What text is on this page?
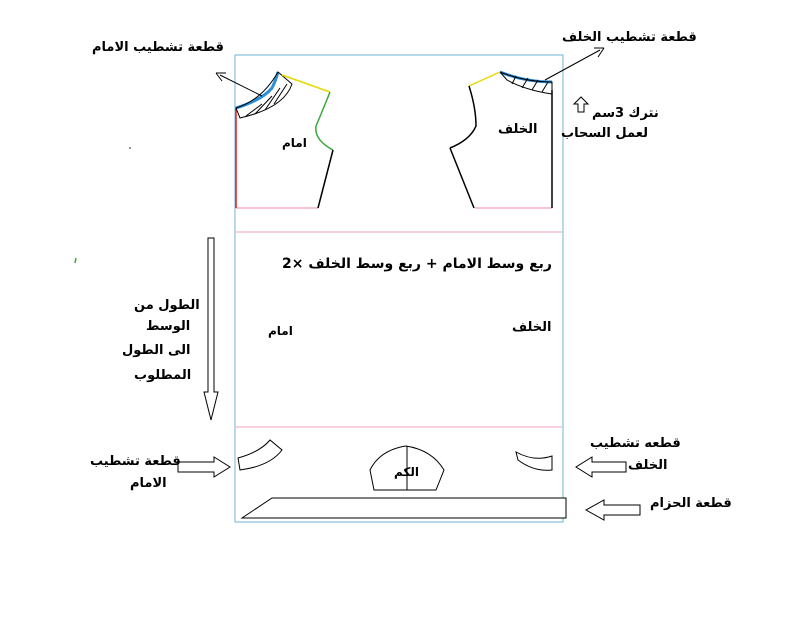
قطعة تشطيب الامام
قطعة تشطيب الخلف
نترك 3سم
لعمل السحاب
امام
الخلف
ربع وسط الامام + ربع وسط الخلف ×2
الطول من
الوسط
الى الطول
المطلوب
امام	الخلف
قطعة تشطيب
الامام
قطعه تشطيب
الخلف
الكم
قطعة الحزام
